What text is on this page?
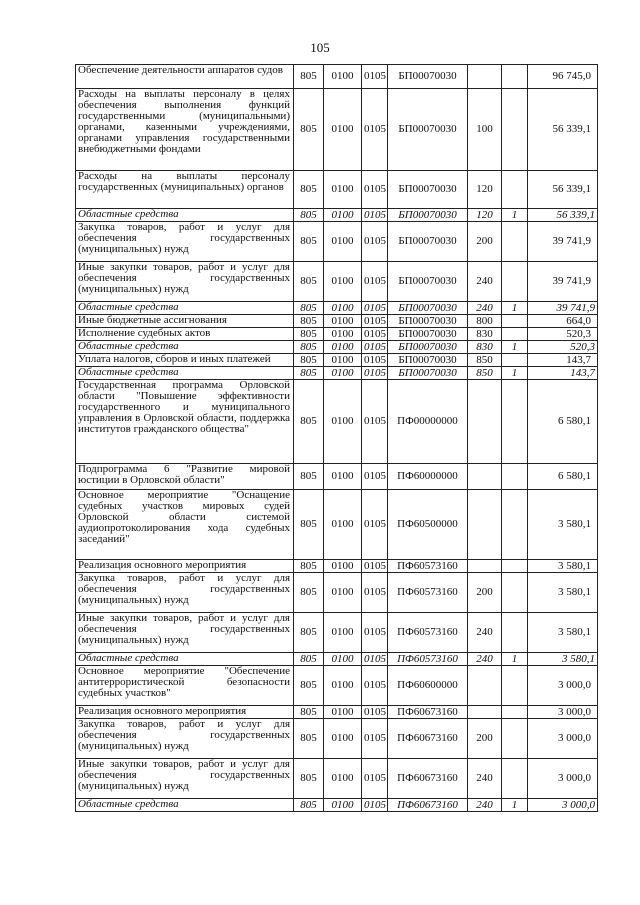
105
Обеспечение деятельности аппаратов судов	805	0100	0105	БП00070030			96 745,0
Расходы на выплаты персоналу в целях обеспечения выполнения функций государственными (муниципальными) органами, казенными учреждениями, органами управления государственными внебюджетными фондами	805	0100	0105	БП00070030	100		56 339,1
Расходы на выплаты персоналу государственных (муниципальных) органов	805	0100	0105	БП00070030	120		56 339,1
Областные средства	805	0100	0105	БП00070030	120	1	56 339,1
Закупка товаров, работ и услуг для обеспечения государственных (муниципальных) нужд	805	0100	0105	БП00070030	200		39 741,9
Иные закупки товаров, работ и услуг для обеспечения государственных (муниципальных) нужд	805	0100	0105	БП00070030	240		39 741,9
Областные средства	805	0100	0105	БП00070030	240	1	39 741,9
Иные бюджетные ассигнования	805	0100	0105	БП00070030	800		664,0
Исполнение судебных актов	805	0100	0105	БП00070030	830		520,3
Областные средства	805	0100	0105	БП00070030	830	1	520,3
Уплата налогов, сборов и иных платежей	805	0100	0105	БП00070030	850		143,7
Областные средства	805	0100	0105	БП00070030	850	1	143,7
Государственная программа Орловской области "Повышение эффективности государственного и муниципального управления в Орловской области, поддержка институтов гражданского общества"	805	0100	0105	ПФ00000000			6 580,1
Подпрограмма 6 "Развитие мировой юстиции в Орловской области"	805	0100	0105	ПФ60000000			6 580,1
Основное мероприятие "Оснащение судебных участков мировых судей Орловской области системой аудиопротоколирования хода судебных заседаний"	805	0100	0105	ПФ60500000			3 580,1
Реализация основного мероприятия	805	0100	0105	ПФ60573160			3 580,1
Закупка товаров, работ и услуг для обеспечения государственных (муниципальных) нужд	805	0100	0105	ПФ60573160	200		3 580,1
Иные закупки товаров, работ и услуг для обеспечения государственных (муниципальных) нужд	805	0100	0105	ПФ60573160	240		3 580,1
Областные средства	805	0100	0105	ПФ60573160	240	1	3 580,1
Основное мероприятие "Обеспечение антитеррористической безопасности судебных участков"	805	0100	0105	ПФ60600000			3 000,0
Реализация основного мероприятия	805	0100	0105	ПФ60673160			3 000,0
Закупка товаров, работ и услуг для обеспечения государственных (муниципальных) нужд	805	0100	0105	ПФ60673160	200		3 000,0
Иные закупки товаров, работ и услуг для обеспечения государственных (муниципальных) нужд	805	0100	0105	ПФ60673160	240		3 000,0
Областные средства	805	0100	0105	ПФ60673160	240	1	3 000,0
